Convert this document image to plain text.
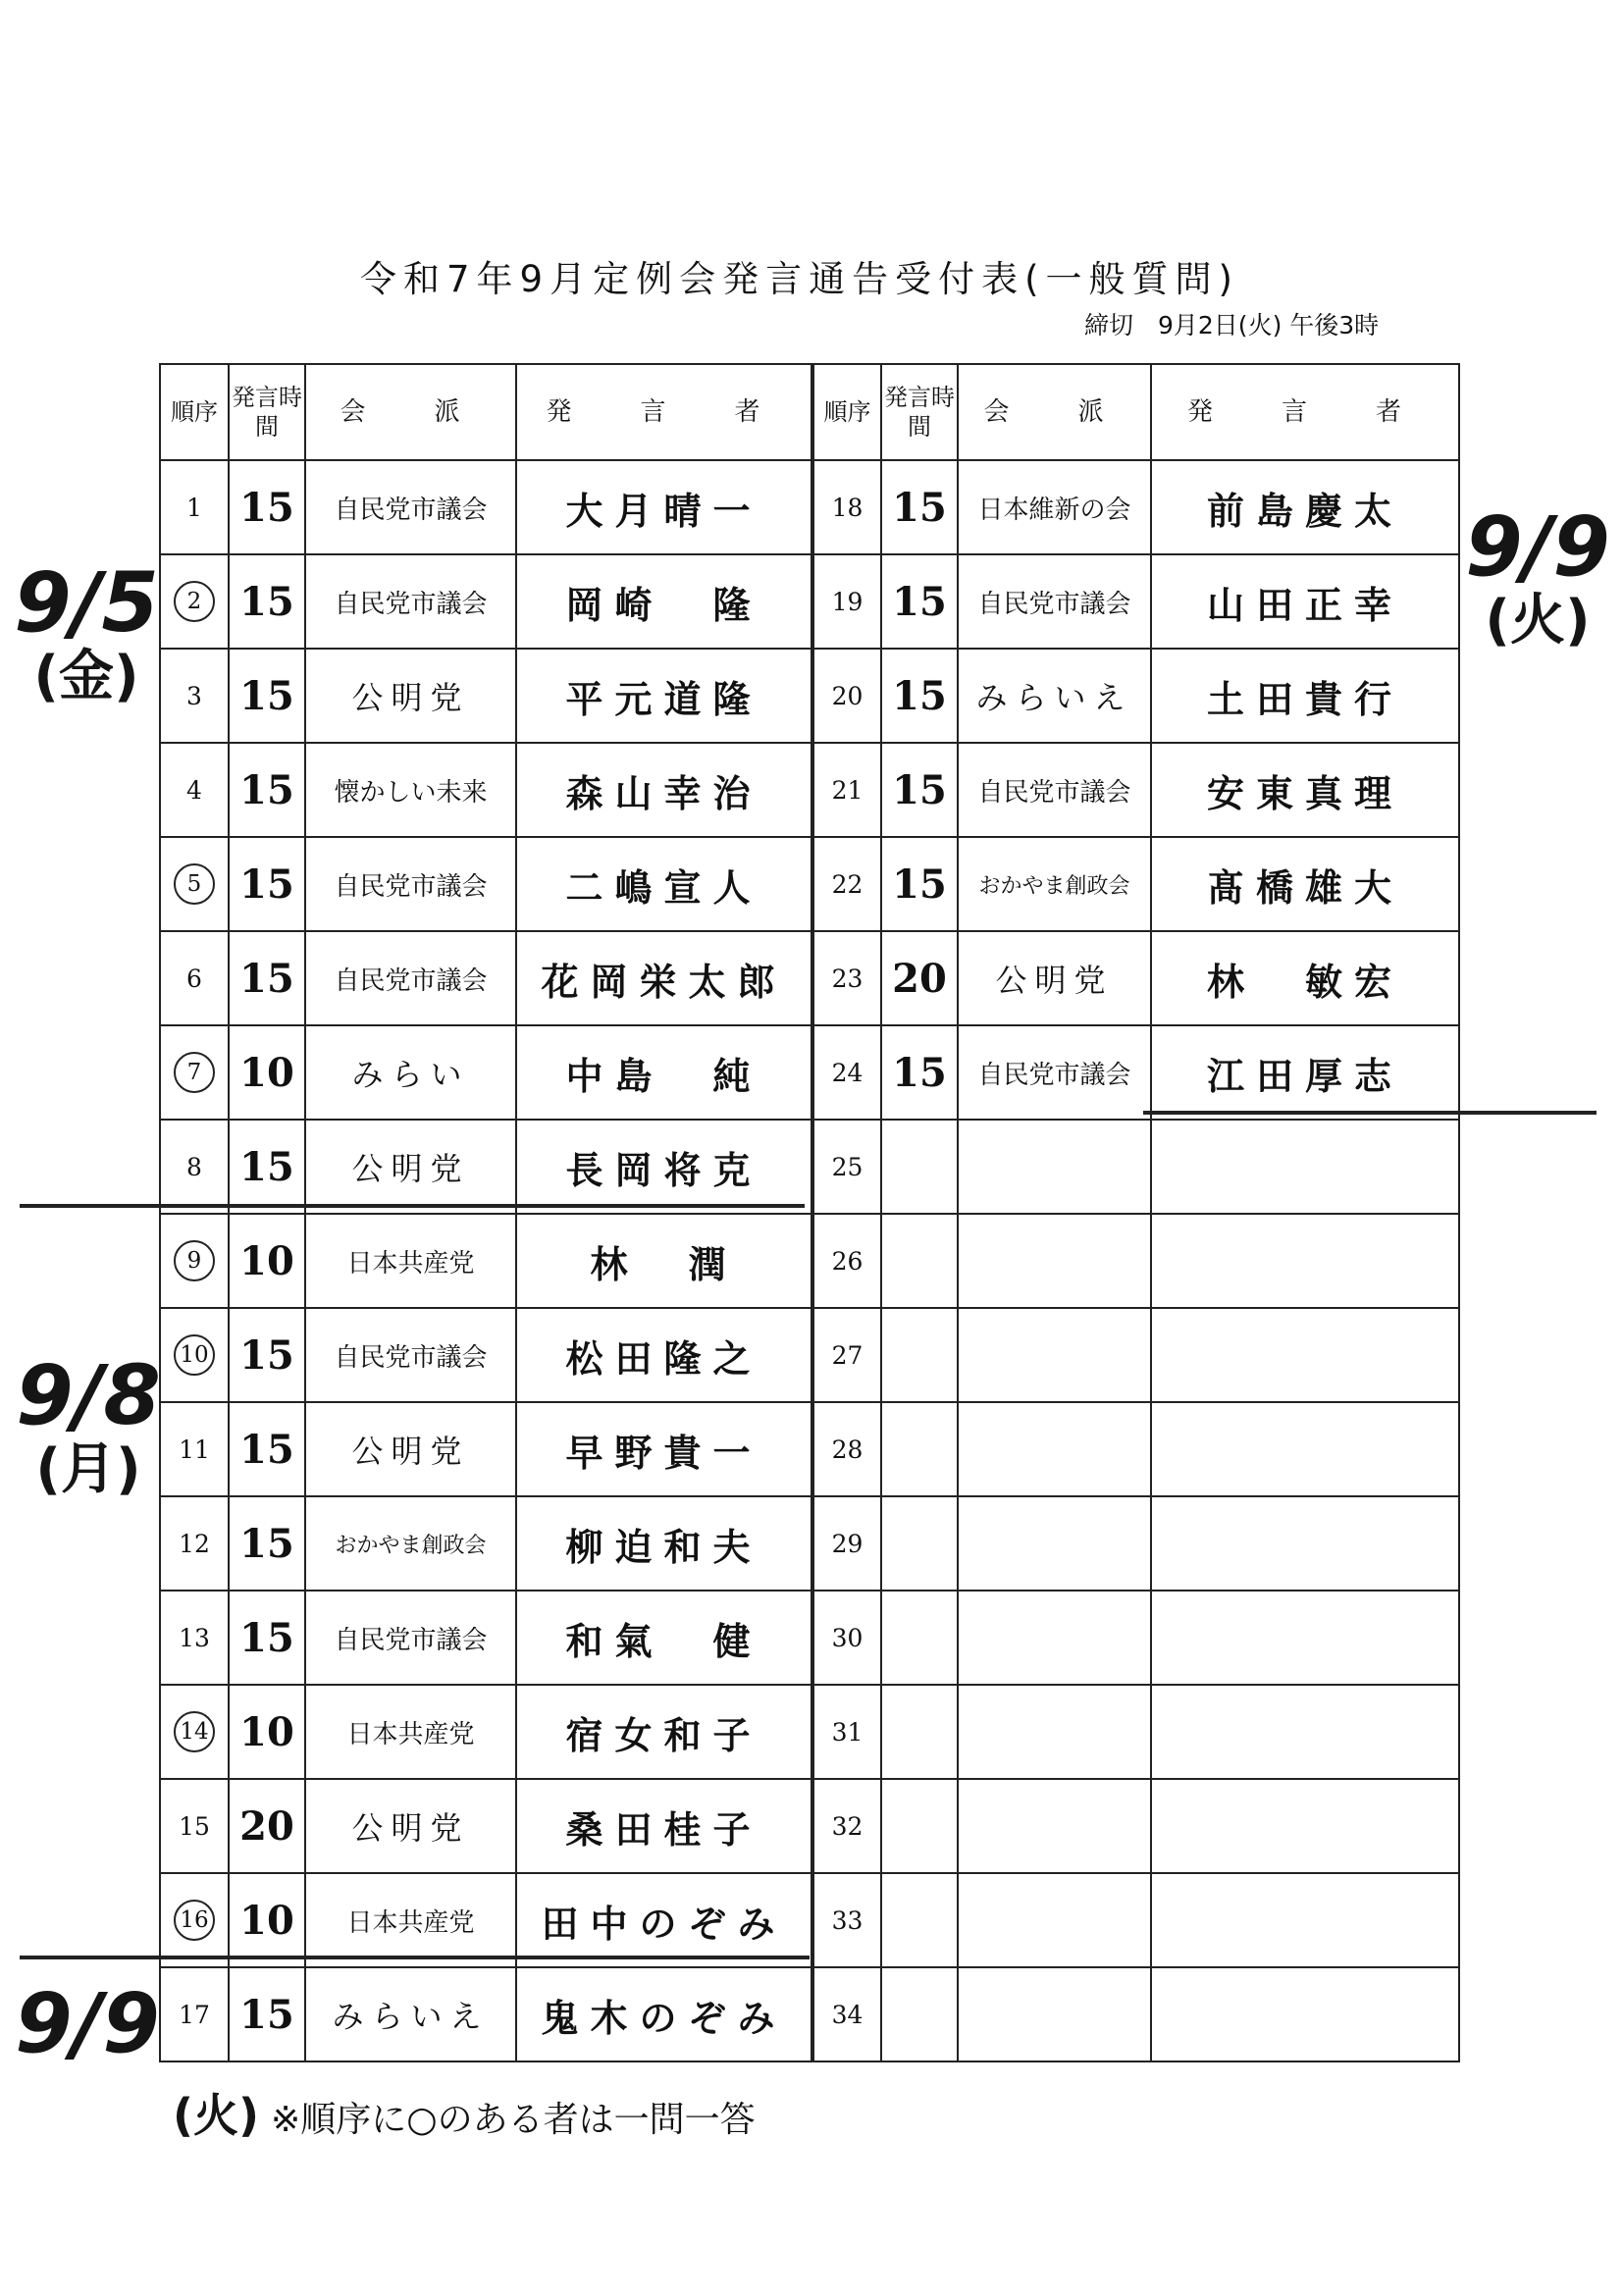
令和7年9月定例会発言通告受付表(一般質問)
締切　9月2日(火) 午後3時
順序	発言時間	会　派	発　言　者	順序	発言時間	会　派	発　言　者
1	15	自民党市議会	大月晴一	18	15	日本維新の会	前島慶太
2	15	自民党市議会	岡崎　隆	19	15	自民党市議会	山田正幸
3	15	公明党	平元道隆	20	15	みらいえ	土田貴行
4	15	懐かしい未来	森山幸治	21	15	自民党市議会	安東真理
5	15	自民党市議会	二嶋宣人	22	15	おかやま創政会	髙橋雄大
6	15	自民党市議会	花岡栄太郎	23	20	公明党	林　敏宏
7	10	みらい	中島　純	24	15	自民党市議会	江田厚志
8	15	公明党	長岡将克	25			
9	10	日本共産党	林　潤	26			
10	15	自民党市議会	松田隆之	27			
11	15	公明党	早野貴一	28			
12	15	おかやま創政会	柳迫和夫	29			
13	15	自民党市議会	和氣　健	30			
14	10	日本共産党	宿女和子	31			
15	20	公明党	桑田桂子	32			
16	10	日本共産党	田中のぞみ	33			
17	15	みらいえ	鬼木のぞみ	34			
9/5
(金)
9/9
(火)
9/8
(月)
9/9
(火) ※順序に○のある者は一問一答
